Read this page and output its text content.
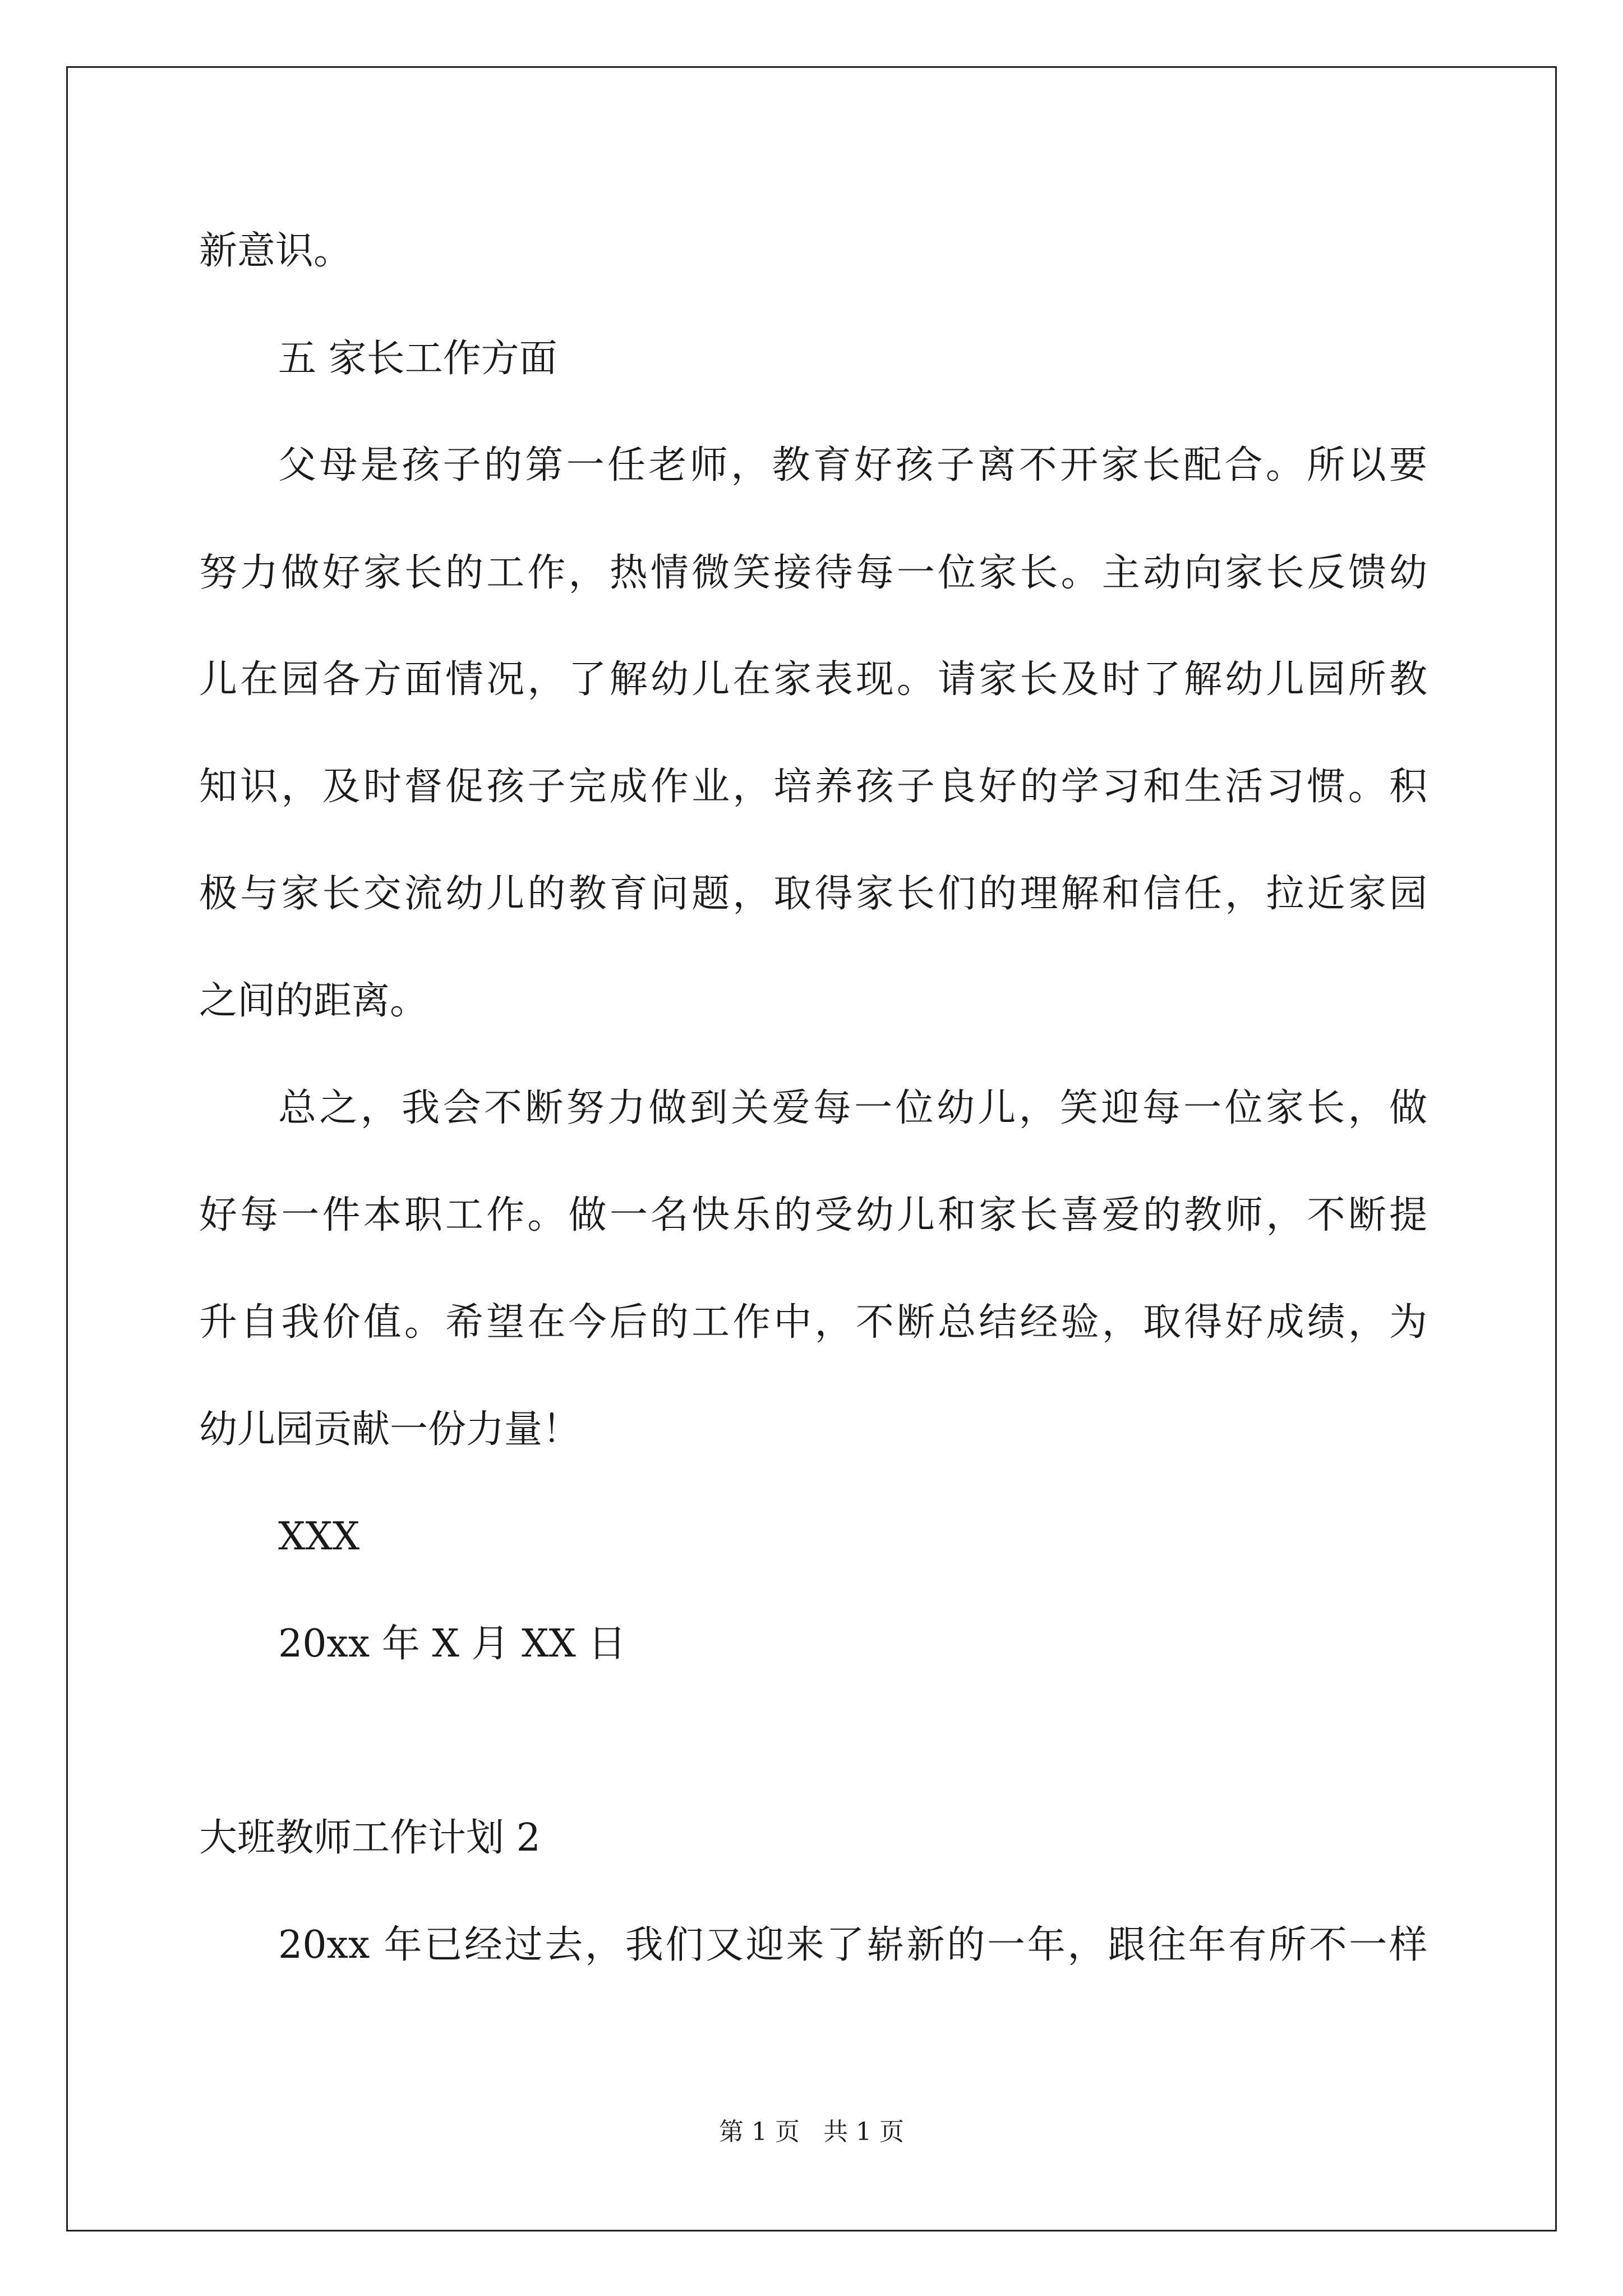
新意识。
五 家长工作方面
父母是孩子的第一任老师，教育好孩子离不开家长配合。所以要
努力做好家长的工作，热情微笑接待每一位家长。主动向家长反馈幼
儿在园各方面情况，了解幼儿在家表现。请家长及时了解幼儿园所教
知识，及时督促孩子完成作业，培养孩子良好的学习和生活习惯。积
极与家长交流幼儿的教育问题，取得家长们的理解和信任，拉近家园
之间的距离。
总之，我会不断努力做到关爱每一位幼儿，笑迎每一位家长，做
好每一件本职工作。做一名快乐的受幼儿和家长喜爱的教师，不断提
升自我价值。希望在今后的工作中，不断总结经验，取得好成绩，为
幼儿园贡献一份力量！
XXX
20xx 年 X 月 XX 日
大班教师工作计划 2
20xx 年已经过去，我们又迎来了崭新的一年，跟往年有所不一样
第 1 页   共 1 页
